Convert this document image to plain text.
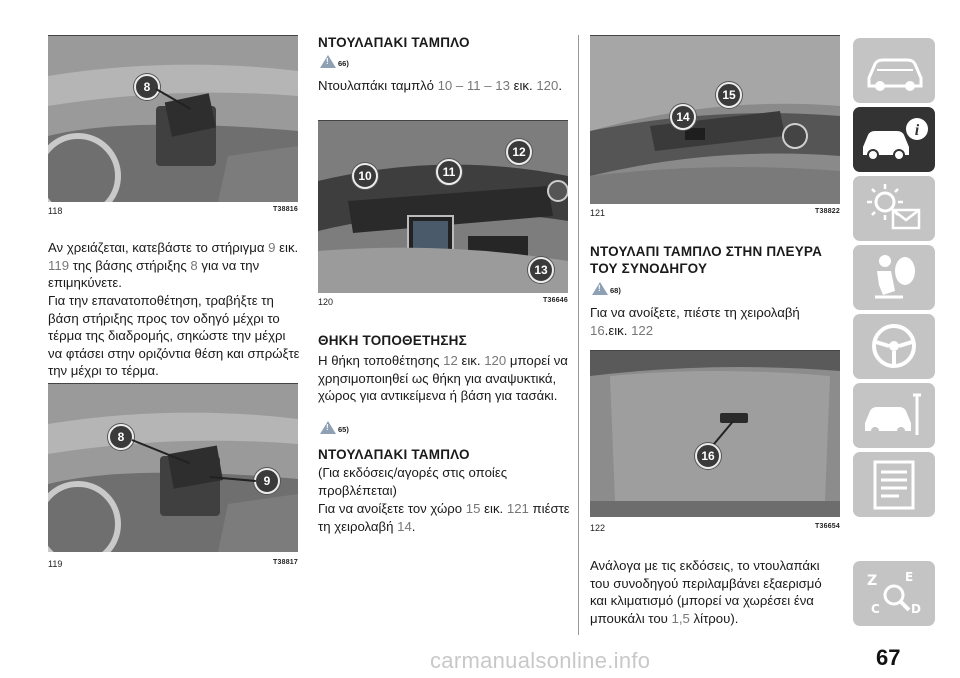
8
118	T38816
Αν χρειάζεται, κατεβάστε το στήριγμα 9 εικ. 119 της βάσης στήριξης 8 για να την επιμηκύνετε.
Για την επανατοποθέτηση, τραβήξτε τη βάση στήριξης προς τον οδηγό μέχρι το τέρμα της διαδρομής, σηκώστε την μέχρι να φτάσει στην οριζόντια θέση και σπρώξτε την μέχρι το τέρμα.
8
9
119	T38817
ΝΤΟΥΛΑΠΑΚΙ ΤΑΜΠΛΟ
! 66)
Ντουλαπάκι ταμπλό 10 – 11 – 13 εικ. 120.
10	11
12
13
120	T36646
ΘΗΚΗ ΤΟΠΟΘΕΤΗΣΗΣ
Η θήκη τοποθέτησης 12 εικ. 120 μπορεί να χρησιμοποιηθεί ως θήκη για αναψυκτικά, χώρος για αντικείμενα ή βάση για τασάκι.
! 65)
ΝΤΟΥΛΑΠΑΚΙ ΤΑΜΠΛΟ
(Για εκδόσεις/αγορές στις οποίες προβλέπεται)
Για να ανοίξετε τον χώρο 15 εικ. 121 πιέστε τη χειρολαβή 14.
14
15
121	T38822
ΝΤΟΥΛΑΠΙ ΤΑΜΠΛΟ ΣΤΗΝ ΠΛΕΥΡΑ ΤΟΥ ΣΥΝΟΔΗΓΟΥ
! 68)
Για να ανοίξετε, πιέστε τη χειρολαβή 16.εικ. 122
16
122	T36654
Ανάλογα με τις εκδόσεις, το ντουλαπάκι του συνοδηγού περιλαμβάνει εξαερισμό και κλιματισμό (μπορεί να χωρέσει ένα μπουκάλι του 1,5 λίτρου).
i
Z E
C	D
carmanualsonline.info	67
